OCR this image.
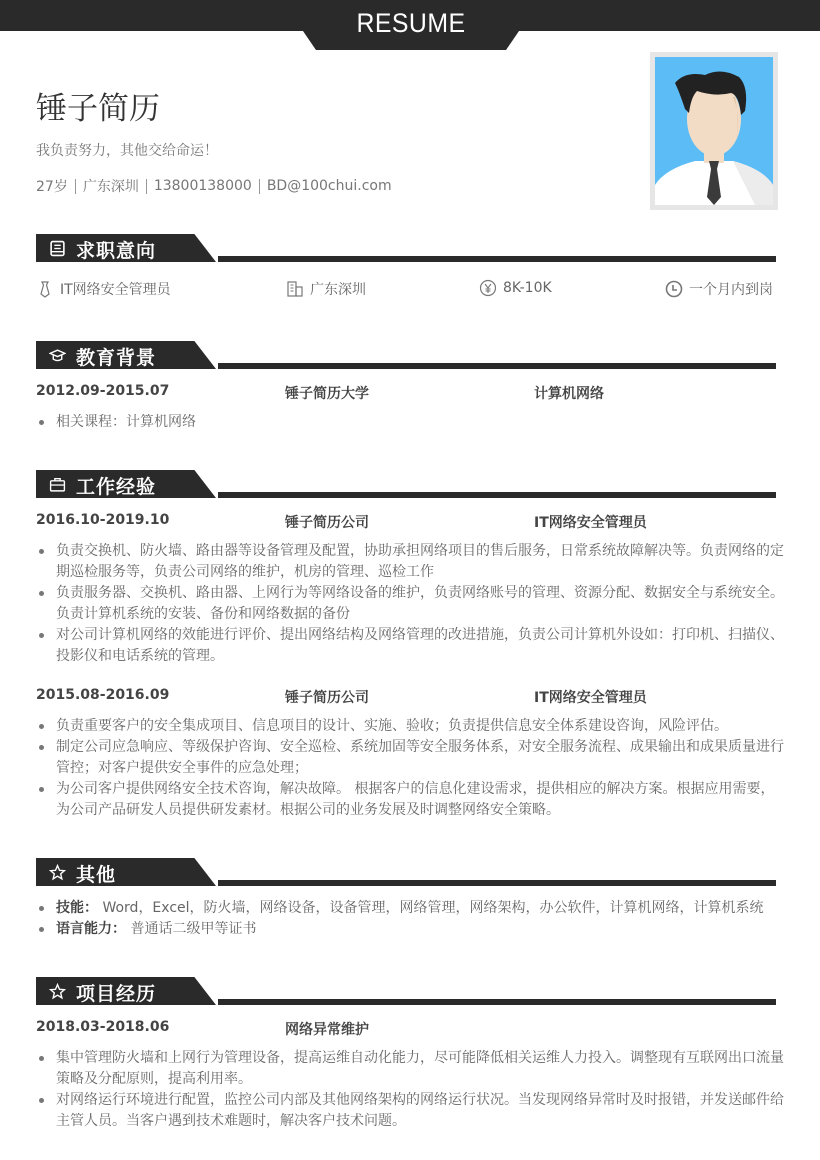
RESUME
锤子简历
我负责努力，其他交给命运！
27岁 广东深圳 13800138000 BD@100chui.com
求职意向
IT网络安全管理员	广东深圳	8K-10K	一个月内到岗
教育背景
2012.09-2015.07	锤子简历大学	计算机网络
相关课程：计算机网络
工作经验
2016.10-2019.10	锤子简历公司	IT网络安全管理员
负责交换机、防火墙、路由器等设备管理及配置，协助承担网络项目的售后服务，日常系统故障解决等。负责网络的定期巡检服务等，负责公司网络的维护，机房的管理、巡检工作
负责服务器、交换机、路由器、上网行为等网络设备的维护，负责网络账号的管理、资源分配、数据安全与系统安全。负责计算机系统的安装、备份和网络数据的备份
对公司计算机网络的效能进行评价、提出网络结构及网络管理的改进措施，负责公司计算机外设如：打印机、扫描仪、投影仪和电话系统的管理。
2015.08-2016.09	锤子简历公司	IT网络安全管理员
负责重要客户的安全集成项目、信息项目的设计、实施、验收；负责提供信息安全体系建设咨询，风险评估。
制定公司应急响应、等级保护咨询、安全巡检、系统加固等安全服务体系，对安全服务流程、成果输出和成果质量进行管控；对客户提供安全事件的应急处理；
为公司客户提供网络安全技术咨询，解决故障。 根据客户的信息化建设需求，提供相应的解决方案。根据应用需要，为公司产品研发人员提供研发素材。根据公司的业务发展及时调整网络安全策略。
其他
技能： Word，Excel，防火墙，网络设备，设备管理，网络管理，网络架构，办公软件，计算机网络，计算机系统
语言能力： 普通话二级甲等证书
项目经历
2018.03-2018.06	网络异常维护
集中管理防火墙和上网行为管理设备，提高运维自动化能力，尽可能降低相关运维人力投入。调整现有互联网出口流量策略及分配原则，提高利用率。
对网络运行环境进行配置，监控公司内部及其他网络架构的网络运行状况。当发现网络异常时及时报错，并发送邮件给主管人员。当客户遇到技术难题时，解决客户技术问题。
